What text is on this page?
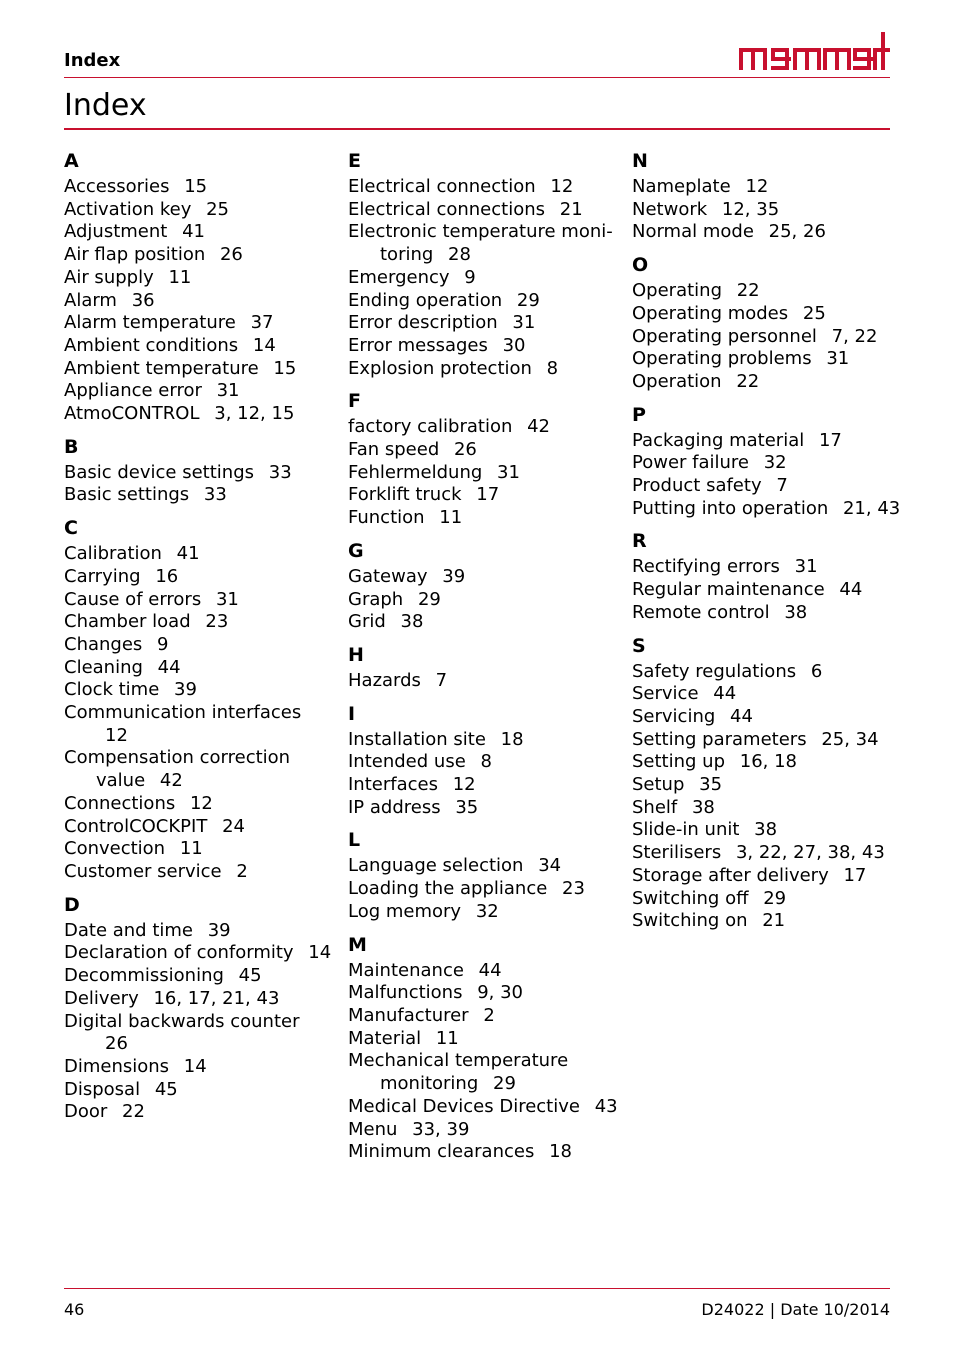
Index
Index
A
Accessories 15
Activation key 25
Adjustment 41
Air flap position 26
Air supply 11
Alarm 36
Alarm temperature 37
Ambient conditions 14
Ambient temperature 15
Appliance error 31
AtmoCONTROL 3, 12, 15
B
Basic device settings 33
Basic settings 33
C
Calibration 41
Carrying 16
Cause of errors 31
Chamber load 23
Changes 9
Cleaning 44
Clock time 39
Communication interfaces 12
Compensation correction value 42
Connections 12
ControlCOCKPIT 24
Convection 11
Customer service 2
D
Date and time 39
Declaration of conformity 14
Decommissioning 45
Delivery 16, 17, 21, 43
Digital backwards counter 26
Dimensions 14
Disposal 45
Door 22
E
Electrical connection 12
Electrical connections 21
Electronic temperature moni-toring 28
Emergency 9
Ending operation 29
Error description 31
Error messages 30
Explosion protection 8
F
factory calibration 42
Fan speed 26
Fehlermeldung 31
Forklift truck 17
Function 11
G
Gateway 39
Graph 29
Grid 38
H
Hazards 7
I
Installation site 18
Intended use 8
Interfaces 12
IP address 35
L
Language selection 34
Loading the appliance 23
Log memory 32
M
Maintenance 44
Malfunctions 9, 30
Manufacturer 2
Material 11
Mechanical temperature monitoring 29
Medical Devices Directive 43
Menu 33, 39
Minimum clearances 18
N
Nameplate 12
Network 12, 35
Normal mode 25, 26
O
Operating 22
Operating modes 25
Operating personnel 7, 22
Operating problems 31
Operation 22
P
Packaging material 17
Power failure 32
Product safety 7
Putting into operation 21, 43
R
Rectifying errors 31
Regular maintenance 44
Remote control 38
S
Safety regulations 6
Service 44
Servicing 44
Setting parameters 25, 34
Setting up 16, 18
Setup 35
Shelf 38
Slide-in unit 38
Sterilisers 3, 22, 27, 38, 43
Storage after delivery 17
Switching off 29
Switching on 21
46	D24022 | Date 10/2014
